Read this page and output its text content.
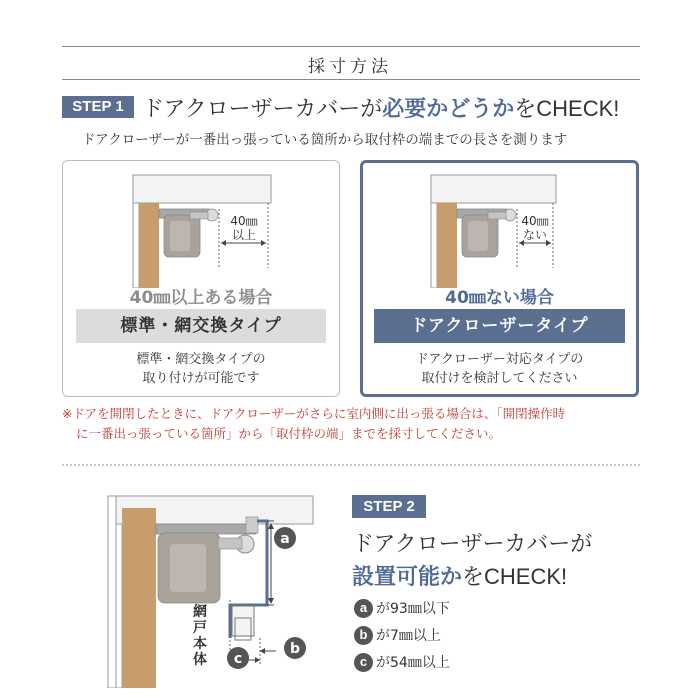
採寸方法
STEP 1 ドアクローザーカバーが必要かどうかをCHECK!
ドアクローザーが一番出っ張っている箇所から取付枠の端までの長さを測ります
40㎜
以上
40㎜以上ある場合
標準・網交換タイプ
標準・網交換タイプの
取り付けが可能です
40㎜
ない
40㎜ない場合
ドアクローザータイプ
ドアクローザー対応タイプの
取付けを検討してください
※ドアを開閉したときに、ドアクローザーがさらに室内側に出っ張る場合は、「開閉操作時
に一番出っ張っている箇所」から「取付枠の端」までを採寸してください。
a
b
c
網戸本体
STEP 2
ドアクローザーカバーが
設置可能かをCHECK!
a が93㎜以下
b が7㎜以上
c が54㎜以上
